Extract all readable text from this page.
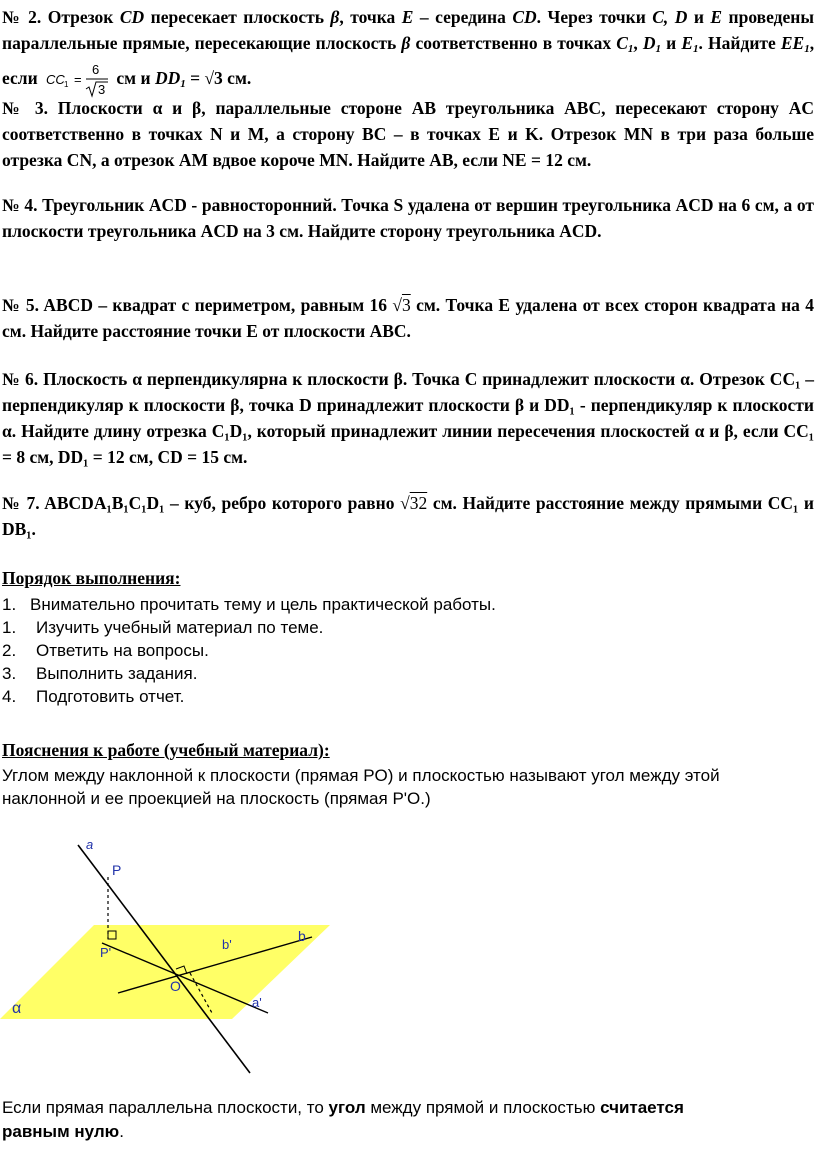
№ 2. Отрезок CD пересекает плоскость β, точка E – середина CD. Через точки C, D и E проведены параллельные прямые, пересекающие плоскость β соответственно в точках $C_1$, $D_1$ и $E_1$. Найдите $EE_1$, если CC 1 =
6
3
см и $DD_1 = √3$ см.
№ 3. Плоскости α и β, параллельные стороне AB треугольника ABC, пересекают сторону AC соответственно в точках N и M, а сторону BC – в точках E и K. Отрезок MN в три раза больше отрезка CN, а отрезок AM вдвое короче MN. Найдите AB, если NE = 12 см.
№ 4. Треугольник ACD - равносторонний. Точка S удалена от вершин треугольника ACD на 6 см, а от плоскости треугольника ACD на 3 см. Найдите сторону треугольника ACD.
№ 5. ABCD – квадрат с периметром, равным 16 √3 см. Точка E удалена от всех сторон квадрата на 4 см. Найдите расстояние точки E от плоскости ABC.
№ 6. Плоскость α перпендикулярна к плоскости β. Точка C принадлежит плоскости α. Отрезок CC₁ – перпендикуляр к плоскости β, точка D принадлежит плоскости β и DD₁ - перпендикуляр к плоскости α. Найдите длину отрезка C₁D₁, который принадлежит линии пересечения плоскостей α и β, если CC₁ = 8 см, DD₁ = 12 см, CD = 15 см.
№ 7. ABCDA₁B₁C₁D₁ – куб, ребро которого равно √32 см. Найдите расстояние между прямыми CC₁ и DB₁.
Порядок выполнения:
1. Внимательно прочитать тему и цель практической работы.
1.	Изучить учебный материал по теме.
2.	Ответить на вопросы.
3.	Выполнить задания.
4.	Подготовить отчет.
Пояснения к работе (учебный материал):
Углом между наклонной к плоскости (прямая PO) и плоскостью называют угол между этой наклонной и ее проекцией на плоскость (прямая P'O.)
a
P
P'
b'
b
O
a'
α
Если прямая параллельна плоскости, то угол между прямой и плоскостью считается
равным нулю.
